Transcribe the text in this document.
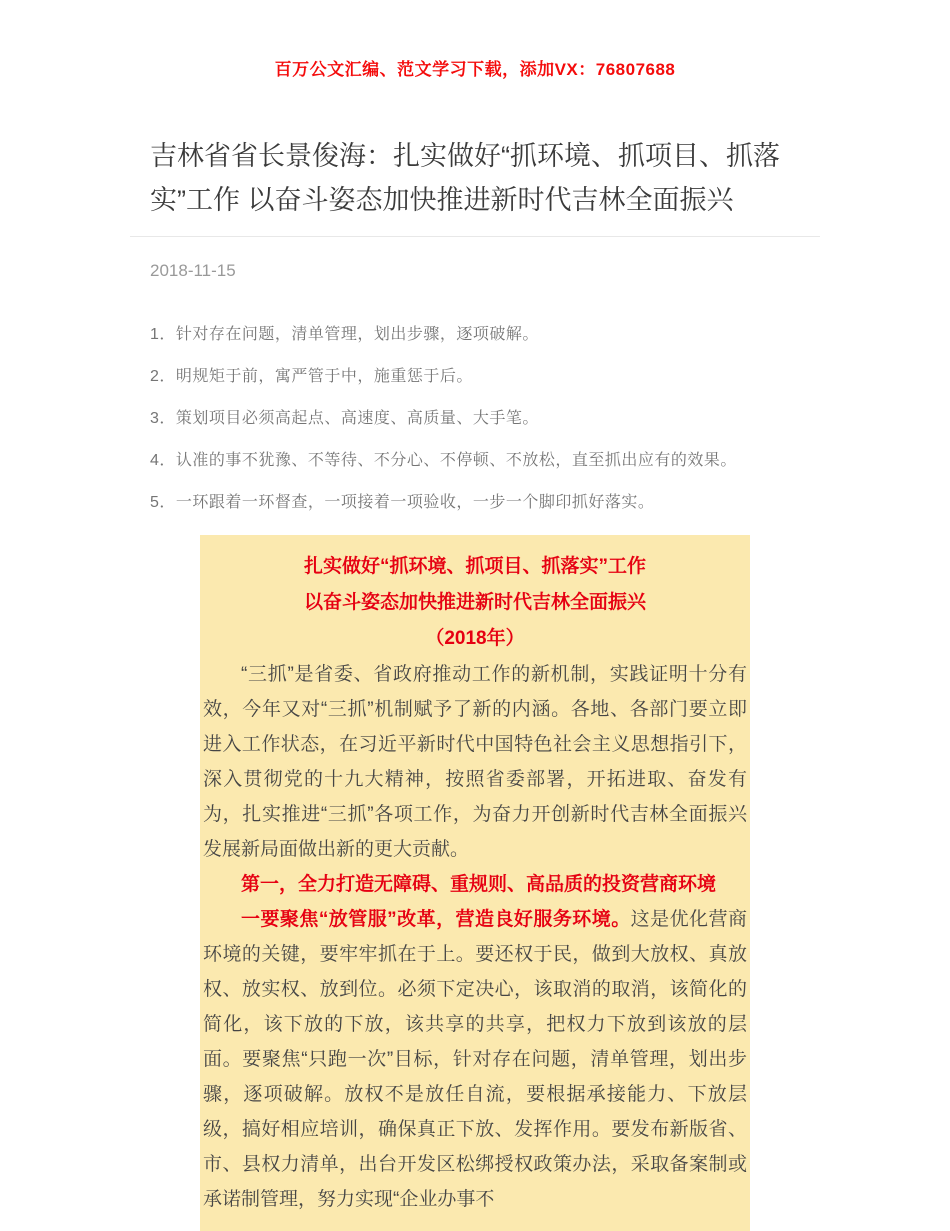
百万公文汇编、范文学习下载，添加VX：76807688
吉林省省长景俊海：扎实做好“抓环境、抓项目、抓落实”工作 以奋斗姿态加快推进新时代吉林全面振兴
2018-11-15
1．针对存在问题，清单管理，划出步骤，逐项破解。
2．明规矩于前，寓严管于中，施重惩于后。
3．策划项目必须高起点、高速度、高质量、大手笔。
4．认准的事不犹豫、不等待、不分心、不停顿、不放松，直至抓出应有的效果。
5．一环跟着一环督查，一项接着一项验收，一步一个脚印抓好落实。
扎实做好“抓环境、抓项目、抓落实”工作
以奋斗姿态加快推进新时代吉林全面振兴
（2018年）

“三抓”是省委、省政府推动工作的新机制，实践证明十分有效，今年又对“三抓”机制赋予了新的内涵。各地、各部门要立即进入工作状态，在习近平新时代中国特色社会主义思想指引下，深入贯彻党的十九大精神，按照省委部署，开拓进取、奋发有为，扎实推进“三抓”各项工作，为奋力开创新时代吉林全面振兴发展新局面做出新的更大贡献。

第一，全力打造无障碍、重规则、高品质的投资营商环境

一要聚焦“放管服”改革，营造良好服务环境。这是优化营商环境的关键，要牢牢抓在于上。要还权于民，做到大放权、真放权、放实权、放到位。必须下定决心，该取消的取消，该简化的简化，该下放的下放，该共享的共享，把权力下放到该放的层面。要聚焦“只跑一次”目标，针对存在问题，清单管理，划出步骤，逐项破解。放权不是放任自流，要根据承接能力、下放层级，搞好相应培训，确保真正下放、发挥作用。要发布新版省、市、县权力清单，出台开发区松绑授权政策办法，采取备案制或承诺制管理，努力实现“企业办事不
